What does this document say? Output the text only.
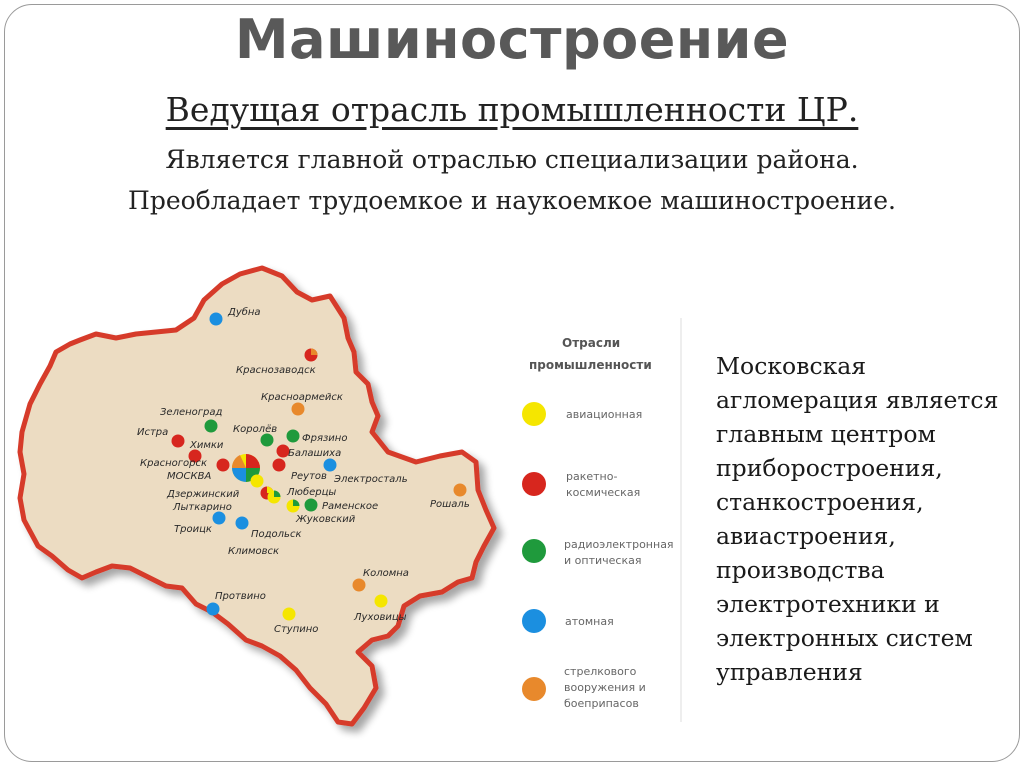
Машиностроение
Ведущая отрасль промышленности ЦР.
Является главной отраслью специализации района.
Преобладает трудоемкое и наукоемкое машиностроение.
Дубна
Краснозаводск
Красноармейск
Зеленоград
Истра
Химки
Королёв
Фрязино
Балашиха
Красногорск
МОСКВА	Реутов Электросталь
Дзержинский	Люберцы
Лыткарино	Раменское	Рошаль
Троицк	Подольск
Жуковский
Климовск
Коломна
Протвино
Луховицы
Ступино
Отрасли
промышленности
авиационная
ракетно-
космическая
радиоэлектронная
и оптическая
атомная
стрелкового
вооружения и
боеприпасов
Московская агломерация является главным центром приборостроения, станкостроения, авиастроения, производства электротехники и электронных систем управления
